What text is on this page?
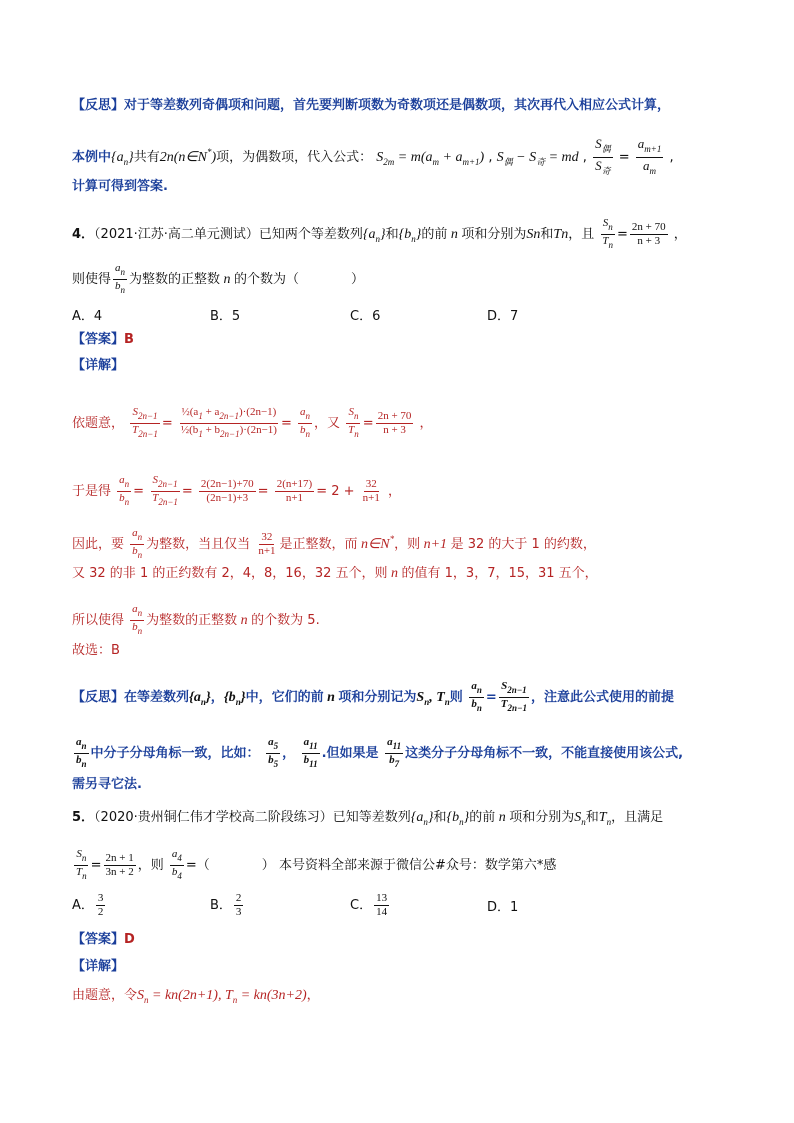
【反思】对于等差数列奇偶项和问题，首先要判断项数为奇数项还是偶数项，其次再代入相应公式计算，
本例中$\{a_n\}$共有2n(n∈N*)项，为偶数项，代入公式： $S_{2m} = m(a_m + a_{m+1})$ , $S_偶 - S_奇$ = md , $\frac{S_偶}{S_奇} = \frac{a_{m+1}}{a_m}$ ,
计算可得到答案.
4．（2021·江苏·高二单元测试）已知两个等差数列$\{a_n\}$和$\{b_n\}$的前 n 项和分别为Sn和Tn，且 $\frac{S_n}{T_n} = \frac{2n + 70}{n + 3}$ ，
则使得 $\frac{a_n}{b_n}$ 为整数的正整数 n 的个数为（　　　　）
A．4	B．5	C．6	D．7
【答案】B
【详解】
依题意， $\frac{S_{2n-1}}{T_{2n-1}} = \frac{\frac{1}{2}(a_1 + a_{2n-1})\cdot(2n-1)}{\frac{1}{2}(b_1 + b_{2n-1})\cdot(2n-1)} = \frac{a_n}{b_n}$ ，又 $\frac{S_n}{T_n} = \frac{2n + 70}{n + 3}$ ，
于是得 $\frac{a_n}{b_n} = \frac{S_{2n-1}}{T_{2n-1}} = \frac{2(2n-1)+70}{(2n-1)+3} = \frac{2(n+17)}{n+1} = 2 + \frac{32}{n+1}$ ，
因此，要 $\frac{a_n}{b_n}$ 为整数，当且仅当 $\frac{32}{n+1}$ 是正整数，而 n∈N*，则 n+1 是 32 的大于 1 的约数，
又 32 的非 1 的正约数有 2，4，8，16，32 五个，则 n 的值有 1，3，7，15，31 五个，
所以使得 $\frac{a_n}{b_n}$ 为整数的正整数 n 的个数为 5.
故选：B
【反思】在等差数列$\{a_n\}$，$\{b_n\}$中，它们的前 n 项和分别记为$S_n$, $T_n$则 $\frac{a_n}{b_n} = \frac{S_{2n-1}}{T_{2n-1}}$ ，注意此公式使用的前提
$\frac{a_n}{b_n}$ 中分子分母角标一致，比如： $\frac{a_5}{b_5}$ ， $\frac{a_{11}}{b_{11}}$ .但如果是 $\frac{a_{11}}{b_7}$ 这类分子分母角标不一致，不能直接使用该公式,
需另寻它法.
5．（2020·贵州铜仁伟才学校高二阶段练习）已知等差数列$\{a_n\}$和$\{b_n\}$的前 n 项和分别为$S_n$和$T_n$，且满足
$\frac{S_n}{T_n} = \frac{2n + 1}{3n + 2}$ ，则 $\frac{a_4}{b_4}$ =（　　　　） 本号资料全部来源于微信公#众号：数学第六*感
A． $\frac{3}{2}$	B． $\frac{2}{3}$	C． $\frac{13}{14}$	D．1
【答案】D
【详解】
由题意，令$S_n = kn(2n+1)$, $T_n = kn(3n+2)$，
